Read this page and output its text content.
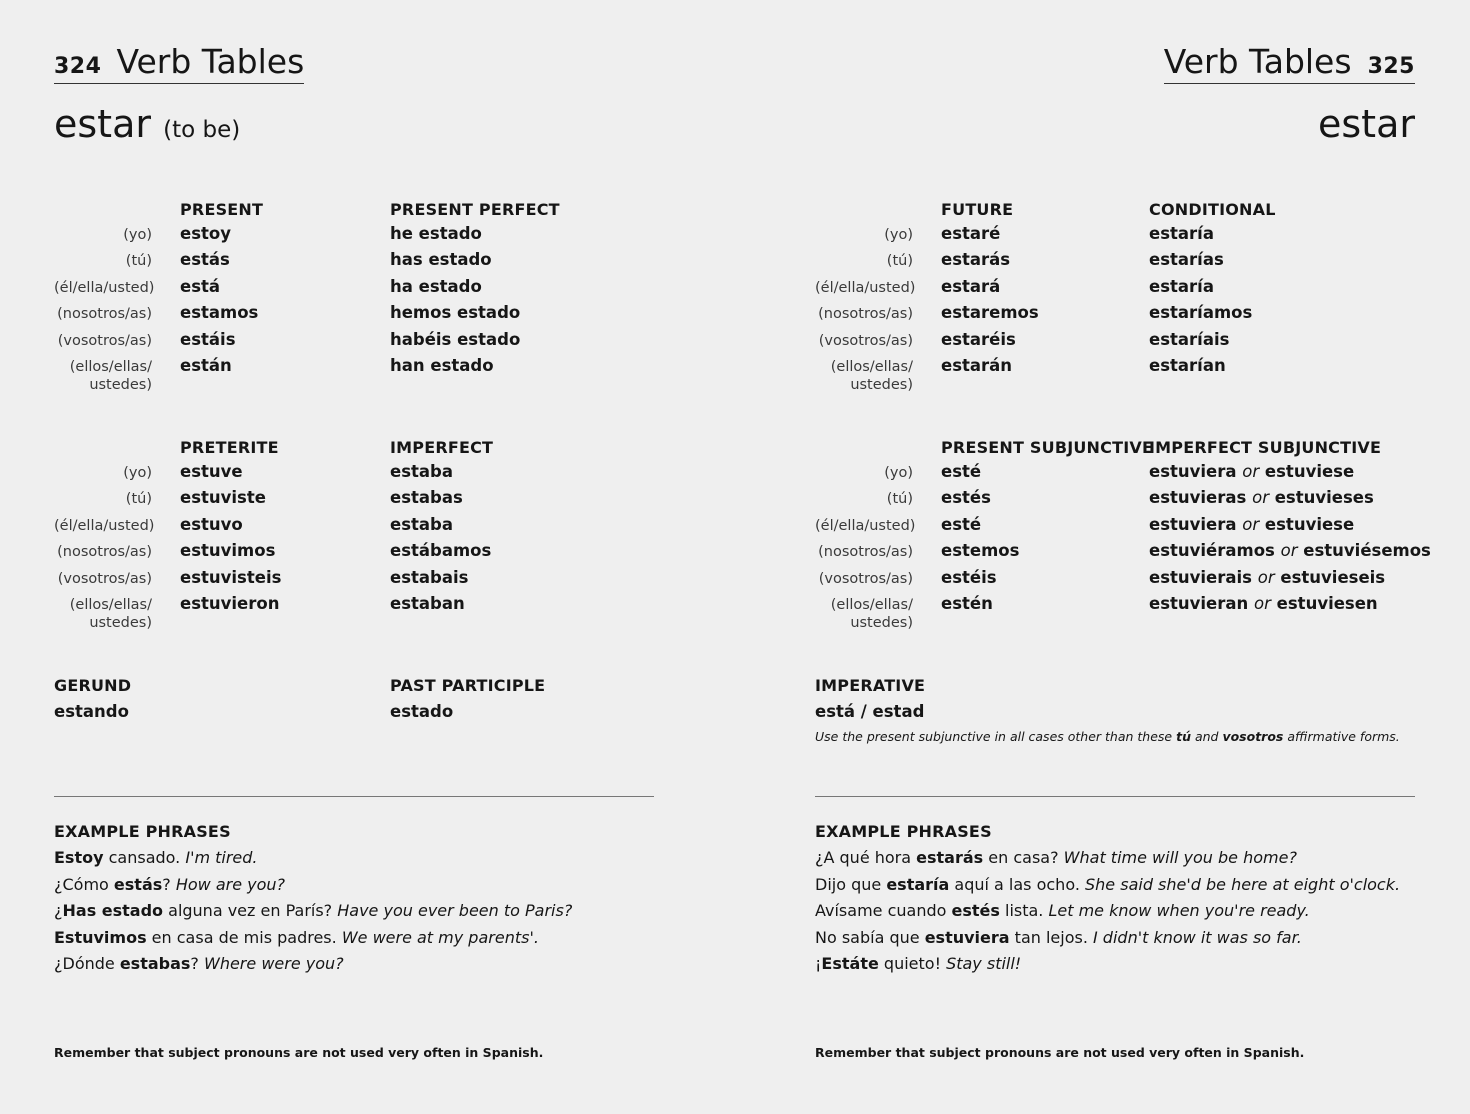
324 Verb Tables
estar (to be)
PRESENT	PRESENT PERFECT
(yo) estoy	he estado
(tú) estás	has estado
(él/ella/usted) está	ha estado
(nosotros/as) estamos	hemos estado
(vosotros/as) estáis	habéis estado
(ellos/ellas/
ustedes)
están	han estado
PRETERITE	IMPERFECT
(yo) estuve	estaba
(tú) estuviste	estabas
(él/ella/usted) estuvo	estaba
(nosotros/as) estuvimos	estábamos
(vosotros/as) estuvisteis	estabais
(ellos/ellas/
ustedes)
estuvieron	estaban
GERUND
estando
PAST PARTICIPLE
estado
EXAMPLE PHRASES
Estoy cansado. I'm tired.
¿Cómo estás? How are you?
¿Has estado alguna vez en París? Have you ever been to Paris?
Estuvimos en casa de mis padres. We were at my parents'.
¿Dónde estabas? Where were you?
Remember that subject pronouns are not used very often in Spanish.
Verb Tables 325
estar
FUTURE	CONDITIONAL
(yo) estaré	estaría
(tú) estarás	estarías
(él/ella/usted) estará	estaría
(nosotros/as) estaremos	estaríamos
(vosotros/as) estaréis	estaríais
(ellos/ellas/
ustedes)
estarán	estarían
PRESENT SUBJUNCTIVE
IMPERFECT SUBJUNCTIVE
(yo) esté	estuviera or estuviese
(tú) estés	estuvieras or estuvieses
(él/ella/usted) esté	estuviera or estuviese
(nosotros/as) estemos	estuviéramos or estuviésemos
(vosotros/as) estéis	estuvierais or estuvieseis
(ellos/ellas/
ustedes)
estén	estuvieran or estuviesen
IMPERATIVE
está / estad
Use the present subjunctive in all cases other than these tú and vosotros affirmative forms.
EXAMPLE PHRASES
¿A qué hora estarás en casa? What time will you be home?
Dijo que estaría aquí a las ocho. She said she'd be here at eight o'clock.
Avísame cuando estés lista. Let me know when you're ready.
No sabía que estuviera tan lejos. I didn't know it was so far.
¡Estáte quieto! Stay still!
Remember that subject pronouns are not used very often in Spanish.
